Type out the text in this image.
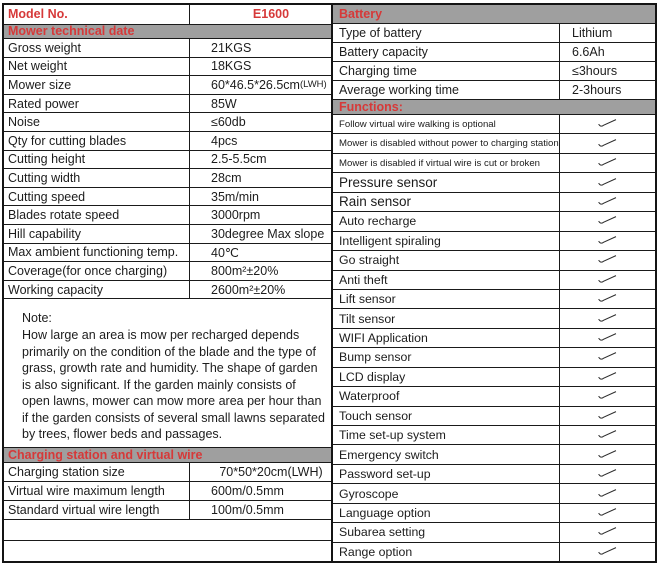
Model No.	E1600
Mower technical date
Gross weight	21KGS
Net weight	18KGS
Mower size	60*46.5*26.5cm (LWH)
Rated power	85W
Noise	≤60db
Qty for cutting blades	4pcs
Cutting height	2.5-5.5cm
Cutting width	28cm
Cutting speed	35m/min
Blades rotate speed	3000rpm
Hill capability	30degree Max slope
Max ambient functioning temp.	40℃
Coverage(for once charging)	800m²±20%
Working capacity	2600m²±20%

Note:

How large an area is mow per recharged depends primarily on the condition of the blade and the type of grass, growth rate and humidity. The shape of garden is also significant. If the garden mainly consists of open lawns, mower can mow more area per hour than if the garden consists of several small lawns separated by trees, flower beds and passages.

Charging station and virtual wire
Charging station size	70*50*20cm(LWH)
Virtual wire maximum length	600m/0.5mm
Standard virtual wire length	100m/0.5mm
Battery
Type of battery	Lithium
Battery capacity	6.6Ah
Charging time	≤3hours
Average working time	2-3hours
Functions:
Follow virtual wire walking is optional
Mower is disabled without power to charging station
Mower is disabled if virtual wire is cut or broken
Pressure sensor
Rain sensor
Auto recharge
Intelligent spiraling
Go straight
Anti theft
Lift sensor
Tilt sensor
WIFI Application
Bump sensor
LCD display
Waterproof
Touch sensor
Time set-up system
Emergency switch
Password set-up
Gyroscope
Language option
Subarea setting
Range option
